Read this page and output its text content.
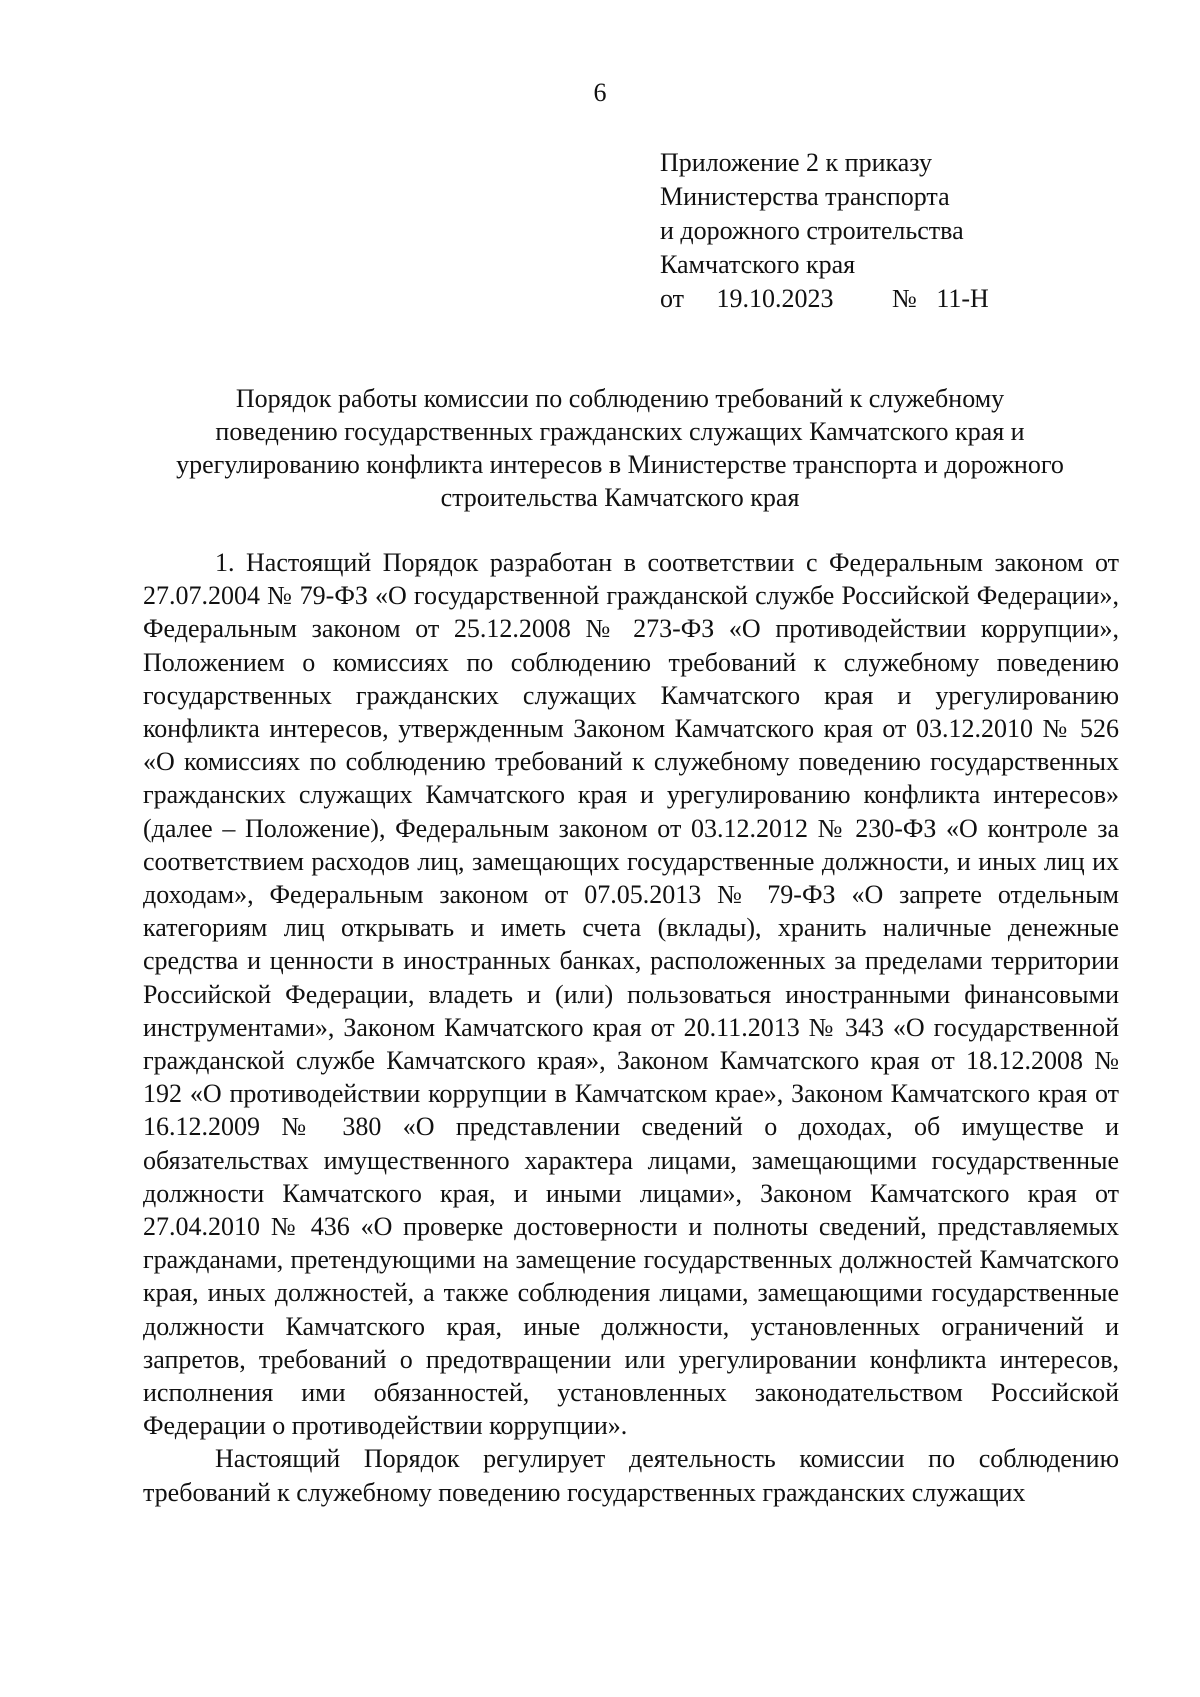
6
Приложение 2 к приказу
Министерства транспорта
и дорожного строительства
Камчатского края
от 19.10.2023 № 11-Н
Порядок работы комиссии по соблюдению требований к служебному
поведению государственных гражданских служащих Камчатского края и
урегулированию конфликта интересов в Министерстве транспорта и дорожного
строительства Камчатского края

1. Настоящий Порядок разработан в соответствии с Федеральным законом от 27.07.2004 № 79-ФЗ «О государственной гражданской службе Российской Федерации», Федеральным законом от 25.12.2008 № 273-ФЗ «О противодействии коррупции», Положением о комиссиях по соблюдению требований к служебному поведению государственных гражданских служащих Камчатского края и урегулированию конфликта интересов, утвержденным Законом Камчатского края от 03.12.2010 № 526 «О комиссиях по соблюдению требований к служебному поведению государственных гражданских служащих Камчатского края и урегулированию конфликта интересов» (далее – Положение), Федеральным законом от 03.12.2012 № 230-ФЗ «О контроле за соответствием расходов лиц, замещающих государственные должности, и иных лиц их доходам», Федеральным законом от 07.05.2013 № 79-ФЗ «О запрете отдельным категориям лиц открывать и иметь счета (вклады), хранить наличные денежные средства и ценности в иностранных банках, расположенных за пределами территории Российской Федерации, владеть и (или) пользоваться иностранными финансовыми инструментами», Законом Камчатского края от 20.11.2013 № 343 «О государственной гражданской службе Камчатского края», Законом Камчатского края от 18.12.2008 № 192 «О противодействии коррупции в Камчатском крае», Законом Камчатского края от 16.12.2009 № 380 «О представлении сведений о доходах, об имуществе и обязательствах имущественного характера лицами, замещающими государственные должности Камчатского края, и иными лицами», Законом Камчатского края от 27.04.2010 № 436 «О проверке достоверности и полноты сведений, представляемых гражданами, претендующими на замещение государственных должностей Камчатского края, иных должностей, а также соблюдения лицами, замещающими государственные должности Камчатского края, иные должности, установленных ограничений и запретов, требований о предотвращении или урегулировании конфликта интересов, исполнения ими обязанностей, установленных законодательством Российской Федерации о противодействии коррупции».

Настоящий Порядок регулирует деятельность комиссии по соблюдению требований к служебному поведению государственных гражданских служащих
